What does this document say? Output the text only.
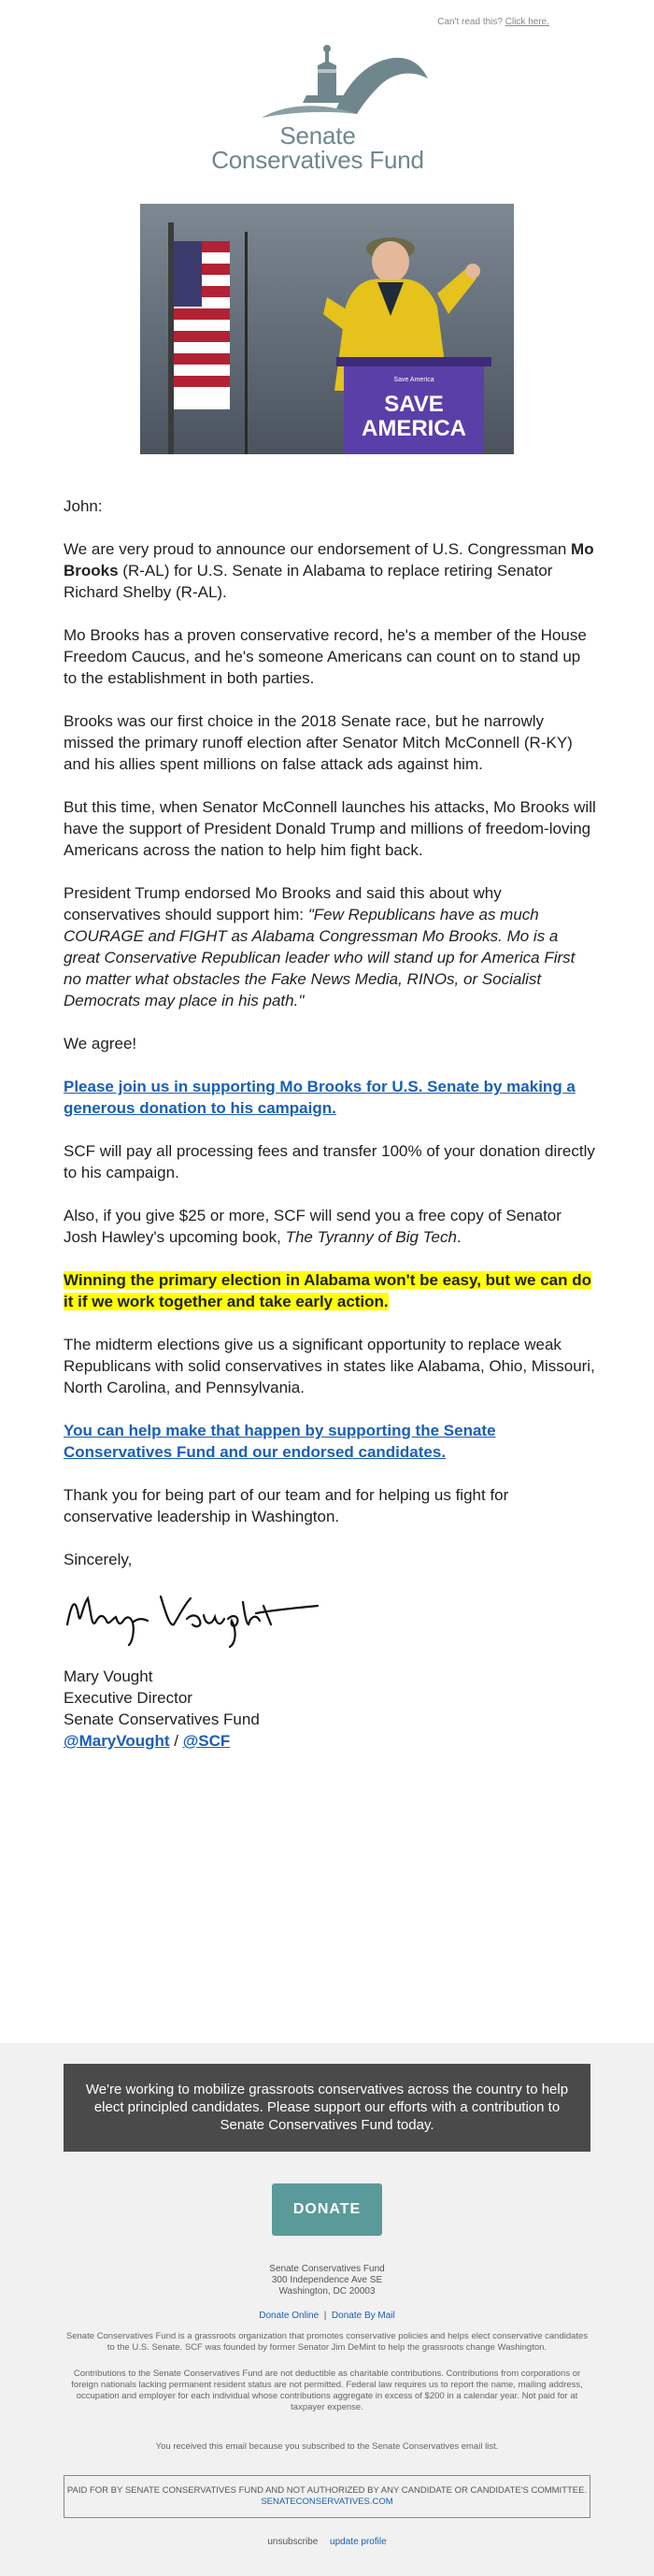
Can't read this? Click here.
Senate
Conservatives Fund
Save America
SAVE
AMERICA

John:

We are very proud to announce our endorsement of U.S. Congressman Mo Brooks (R-AL) for U.S. Senate in Alabama to replace retiring Senator Richard Shelby (R-AL).

Mo Brooks has a proven conservative record, he's a member of the House Freedom Caucus, and he's someone Americans can count on to stand up to the establishment in both parties.

Brooks was our first choice in the 2018 Senate race, but he narrowly missed the primary runoff election after Senator Mitch McConnell (R-KY) and his allies spent millions on false attack ads against him.

But this time, when Senator McConnell launches his attacks, Mo Brooks will have the support of President Donald Trump and millions of freedom-loving Americans across the nation to help him fight back.

President Trump endorsed Mo Brooks and said this about why conservatives should support him: "Few Republicans have as much COURAGE and FIGHT as Alabama Congressman Mo Brooks. Mo is a great Conservative Republican leader who will stand up for America First no matter what obstacles the Fake News Media, RINOs, or Socialist Democrats may place in his path."

We agree!

Please join us in supporting Mo Brooks for U.S. Senate by making a generous donation to his campaign.

SCF will pay all processing fees and transfer 100% of your donation directly to his campaign.

Also, if you give $25 or more, SCF will send you a free copy of Senator Josh Hawley's upcoming book, The Tyranny of Big Tech.

Winning the primary election in Alabama won't be easy, but we can do it if we work together and take early action.

The midterm elections give us a significant opportunity to replace weak Republicans with solid conservatives in states like Alabama, Ohio, Missouri, North Carolina, and Pennsylvania.

You can help make that happen by supporting the Senate Conservatives Fund and our endorsed candidates.

Thank you for being part of our team and for helping us fight for conservative leadership in Washington.

Sincerely,

Mary Vought
Executive Director
Senate Conservatives Fund
@MaryVought / @SCF
We're working to mobilize grassroots conservatives across the country to help elect principled candidates. Please support our efforts with a contribution to Senate Conservatives Fund today.
DONATE
Senate Conservatives Fund
300 Independence Ave SE
Washington, DC 20003
Donate Online | Donate By Mail
Senate Conservatives Fund is a grassroots organization that promotes conservative policies and helps elect conservative candidates to the U.S. Senate. SCF was founded by former Senator Jim DeMint to help the grassroots change Washington.
Contributions to the Senate Conservatives Fund are not deductible as charitable contributions. Contributions from corporations or foreign nationals lacking permanent resident status are not permitted. Federal law requires us to report the name, mailing address, occupation and employer for each individual whose contributions aggregate in excess of $200 in a calendar year. Not paid for at taxpayer expense.
You received this email because you subscribed to the Senate Conservatives email list.
PAID FOR BY SENATE CONSERVATIVES FUND AND NOT AUTHORIZED BY ANY CANDIDATE OR CANDIDATE'S COMMITTEE. SENATECONSERVATIVES.COM
unsubscribe update profile
